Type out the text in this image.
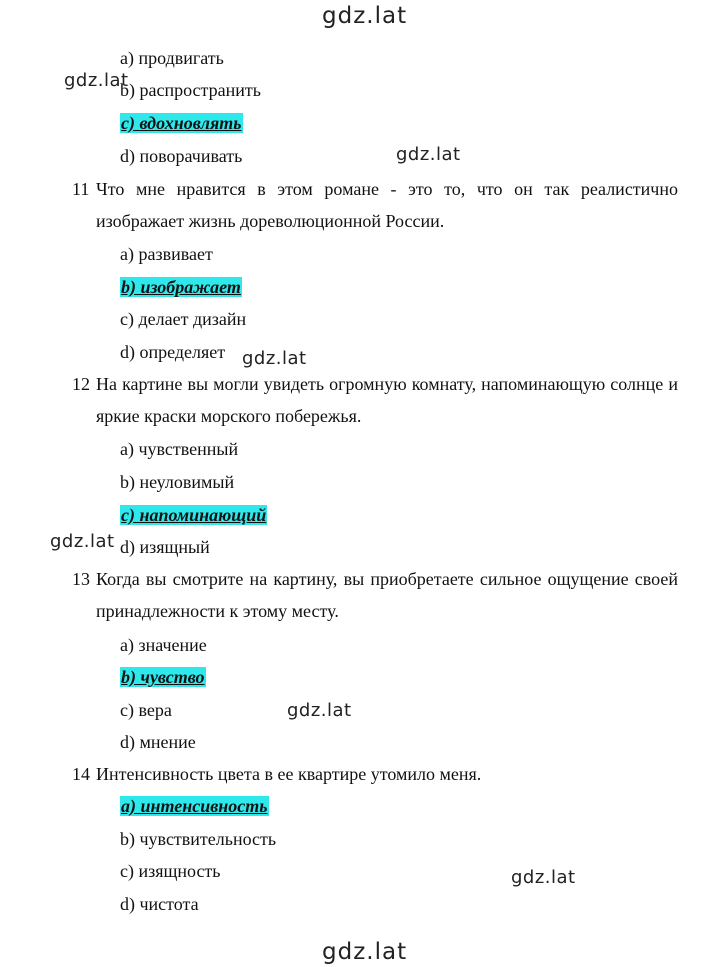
gdz.lat
gdz.lat
gdz.lat
gdz.lat
gdz.lat
gdz.lat
gdz.lat
gdz.lat
a) продвигать
b) распространить
c) вдохновлять
d) поворачивать
11 Что мне нравится в этом романе - это то, что он так реалистично изображает жизнь дореволюционной России.
a) развивает
b) изображает
c) делает дизайн
d) определяет
12 На картине вы могли увидеть огромную комнату, напоминающую солнце и яркие краски морского побережья.
a) чувственный
b) неуловимый
c) напоминающий
d) изящный
13 Когда вы смотрите на картину, вы приобретаете сильное ощущение своей принадлежности к этому месту.
a) значение
b) чувство
c) вера
d) мнение
14 Интенсивность цвета в ее квартире утомило меня.
a) интенсивность
b) чувствительность
c) изящность
d) чистота
